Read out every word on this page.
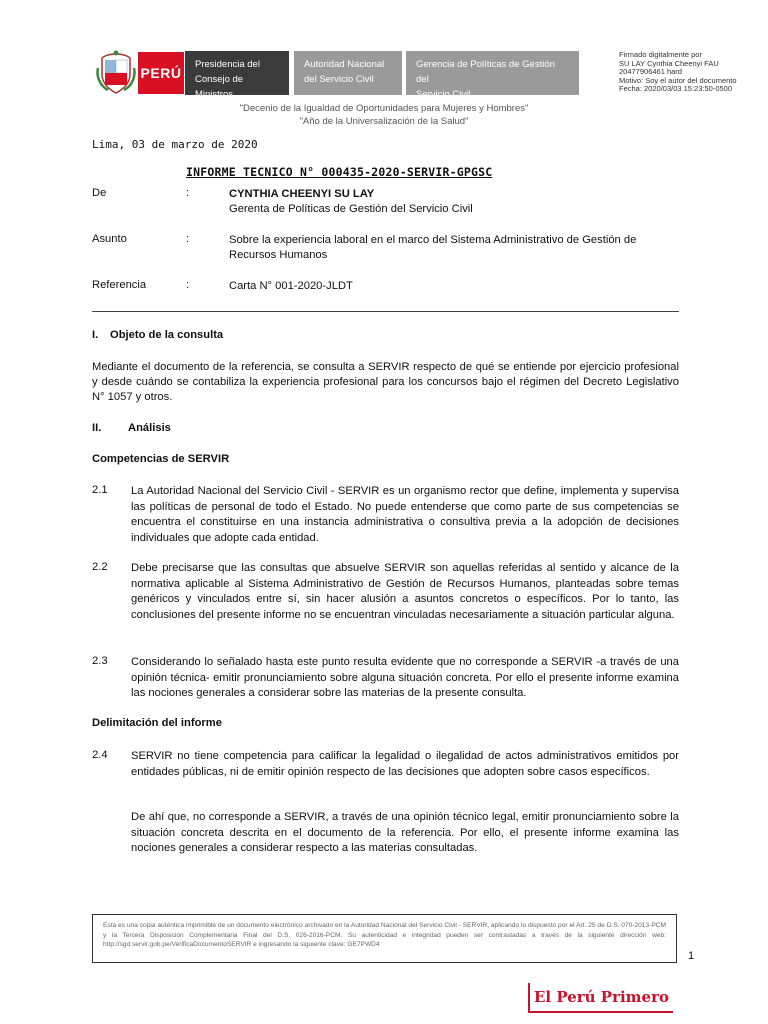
PERÚ
Presidencia del
Consejo de Ministros
Autoridad Nacional
del Servicio Civil
Gerencia de Políticas de Gestión del
Servicio Civil
Firmado digitalmente por
SU LAY Cynthia Cheenyi FAU
20477906461 hard
Motivo: Soy el autor del documento
Fecha: 2020/03/03 15:23:50-0500
"Decenio de la Igualdad de Oportunidades para Mujeres y Hombres"
"Año de la Universalización de la Salud"
Lima, 03 de marzo de 2020
INFORME TECNICO N° 000435-2020-SERVIR-GPGSC
De	:	CYNTHIA CHEENYI SU LAY
Gerenta de Políticas de Gestión del Servicio Civil
Asunto	:	Sobre la experiencia laboral en el marco del Sistema Administrativo de Gestión de Recursos Humanos
Referencia	:	Carta N° 001-2020-JLDT
I. Objeto de la consulta
Mediante el documento de la referencia, se consulta a SERVIR respecto de qué se entiende por ejercicio profesional y desde cuándo se contabiliza la experiencia profesional para los concursos bajo el régimen del Decreto Legislativo N° 1057 y otros.
II. Análisis
Competencias de SERVIR
2.1 La Autoridad Nacional del Servicio Civil - SERVIR es un organismo rector que define, implementa y supervisa las políticas de personal de todo el Estado. No puede entenderse que como parte de sus competencias se encuentra el constituirse en una instancia administrativa o consultiva previa a la adopción de decisiones individuales que adopte cada entidad.
2.2 Debe precisarse que las consultas que absuelve SERVIR son aquellas referidas al sentido y alcance de la normativa aplicable al Sistema Administrativo de Gestión de Recursos Humanos, planteadas sobre temas genéricos y vinculados entre sí, sin hacer alusión a asuntos concretos o específicos. Por lo tanto, las conclusiones del presente informe no se encuentran vinculadas necesariamente a situación particular alguna.
2.3 Considerando lo señalado hasta este punto resulta evidente que no corresponde a SERVIR -a través de una opinión técnica- emitir pronunciamiento sobre alguna situación concreta. Por ello el presente informe examina las nociones generales a considerar sobre las materias de la presente consulta.
Delimitación del informe
2.4 SERVIR no tiene competencia para calificar la legalidad o ilegalidad de actos administrativos emitidos por entidades públicas, ni de emitir opinión respecto de las decisiones que adopten sobre casos específicos.
De ahí que, no corresponde a SERVIR, a través de una opinión técnico legal, emitir pronunciamiento sobre la situación concreta descrita en el documento de la referencia. Por ello, el presente informe examina las nociones generales a considerar respecto a las materias consultadas.
Esta es una copia auténtica imprimible de un documento electrónico archivado en la Autoridad Nacional del Servicio Civil - SERVIR, aplicando lo dispuesto por el Art. 25 de D.S. 070-2013-PCM y la Tercera Disposición Complementaria Final del D.S. 026-2016-PCM. Su autenticidad e integridad pueden ser contrastadas a través de la siguiente dirección web: http://sgd.servir.gob.pe/VerificaDocumentoSERVIR e ingresando la siguiente clave: GE7PWD4
1
El Perú Primero
